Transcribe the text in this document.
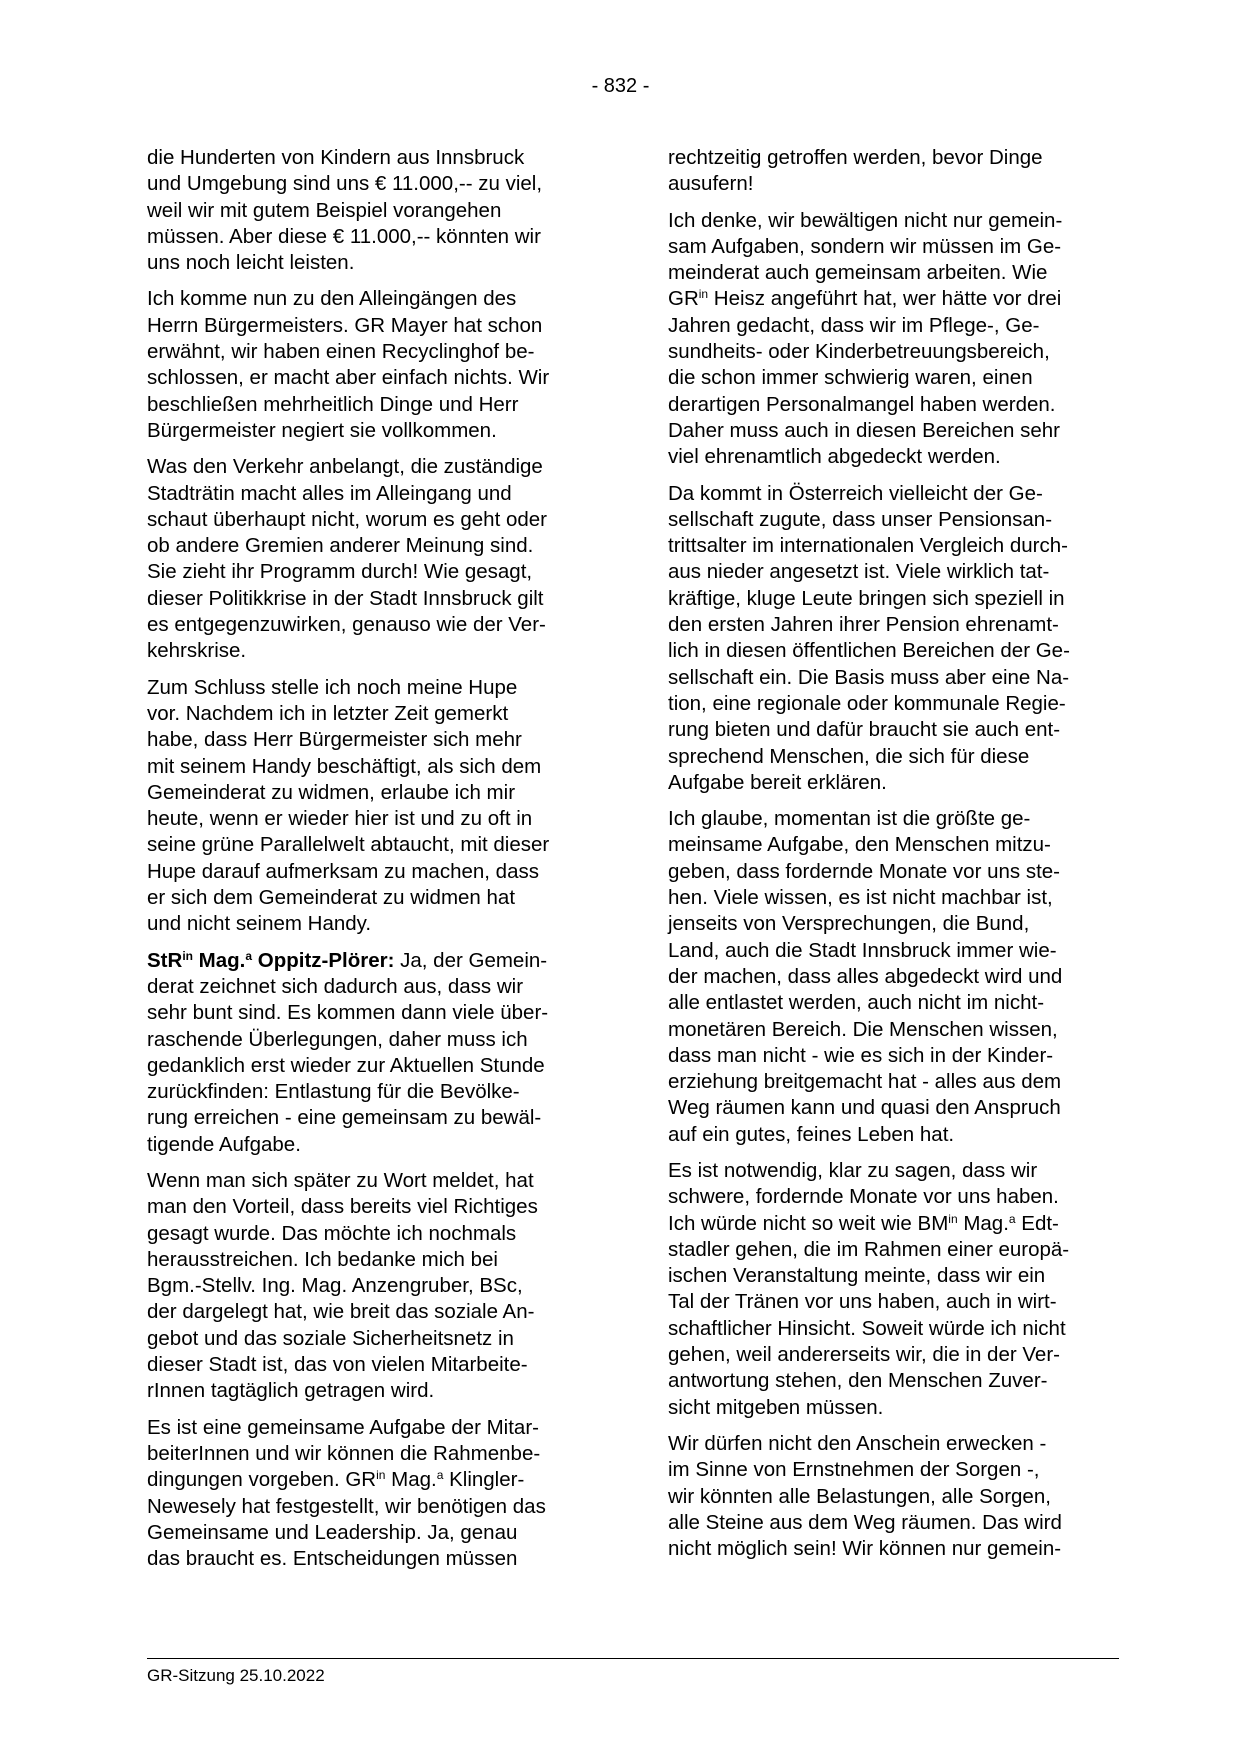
- 832 -

die Hunderten von Kindern aus Innsbruck
und Umgebung sind uns € 11.000,-- zu viel,
weil wir mit gutem Beispiel vorangehen
müssen. Aber diese € 11.000,-- könnten wir
uns noch leicht leisten.

Ich komme nun zu den Alleingängen des
Herrn Bürgermeisters. GR Mayer hat schon
erwähnt, wir haben einen Recyclinghof be-
schlossen, er macht aber einfach nichts. Wir
beschließen mehrheitlich Dinge und Herr
Bürgermeister negiert sie vollkommen.

Was den Verkehr anbelangt, die zuständige
Stadträtin macht alles im Alleingang und
schaut überhaupt nicht, worum es geht oder
ob andere Gremien anderer Meinung sind.
Sie zieht ihr Programm durch! Wie gesagt,
dieser Politikkrise in der Stadt Innsbruck gilt
es entgegenzuwirken, genauso wie der Ver-
kehrskrise.

Zum Schluss stelle ich noch meine Hupe
vor. Nachdem ich in letzter Zeit gemerkt
habe, dass Herr Bürgermeister sich mehr
mit seinem Handy beschäftigt, als sich dem
Gemeinderat zu widmen, erlaube ich mir
heute, wenn er wieder hier ist und zu oft in
seine grüne Parallelwelt abtaucht, mit dieser
Hupe darauf aufmerksam zu machen, dass
er sich dem Gemeinderat zu widmen hat
und nicht seinem Handy.

StR$^{in}$ Mag.$^a$ Oppitz-Plörer: Ja, der Gemein-
derat zeichnet sich dadurch aus, dass wir
sehr bunt sind. Es kommen dann viele über-
raschende Überlegungen, daher muss ich
gedanklich erst wieder zur Aktuellen Stunde
zurückfinden: Entlastung für die Bevölke-
rung erreichen - eine gemeinsam zu bewäl-
tigende Aufgabe.

Wenn man sich später zu Wort meldet, hat
man den Vorteil, dass bereits viel Richtiges
gesagt wurde. Das möchte ich nochmals
herausstreichen. Ich bedanke mich bei
Bgm.-Stellv. Ing. Mag. Anzengruber, BSc,
der dargelegt hat, wie breit das soziale An-
gebot und das soziale Sicherheitsnetz in
dieser Stadt ist, das von vielen Mitarbeite-
rInnen tagtäglich getragen wird.

Es ist eine gemeinsame Aufgabe der Mitar-
beiterInnen und wir können die Rahmenbe-
dingungen vorgeben. $GR^{in}$ Mag.$^a$ Klingler-
Newesely hat festgestellt, wir benötigen das
Gemeinsame und Leadership. Ja, genau
das braucht es. Entscheidungen müssen

rechtzeitig getroffen werden, bevor Dinge
ausufern!

Ich denke, wir bewältigen nicht nur gemein-
sam Aufgaben, sondern wir müssen im Ge-
meinderat auch gemeinsam arbeiten. Wie
$GR^{in}$ Heisz angeführt hat, wer hätte vor drei
Jahren gedacht, dass wir im Pflege-, Ge-
sundheits- oder Kinderbetreuungsbereich,
die schon immer schwierig waren, einen
derartigen Personalmangel haben werden.
Daher muss auch in diesen Bereichen sehr
viel ehrenamtlich abgedeckt werden.

Da kommt in Österreich vielleicht der Ge-
sellschaft zugute, dass unser Pensionsan-
trittsalter im internationalen Vergleich durch-
aus nieder angesetzt ist. Viele wirklich tat-
kräftige, kluge Leute bringen sich speziell in
den ersten Jahren ihrer Pension ehrenamt-
lich in diesen öffentlichen Bereichen der Ge-
sellschaft ein. Die Basis muss aber eine Na-
tion, eine regionale oder kommunale Regie-
rung bieten und dafür braucht sie auch ent-
sprechend Menschen, die sich für diese
Aufgabe bereit erklären.

Ich glaube, momentan ist die größte ge-
meinsame Aufgabe, den Menschen mitzu-
geben, dass fordernde Monate vor uns ste-
hen. Viele wissen, es ist nicht machbar ist,
jenseits von Versprechungen, die Bund,
Land, auch die Stadt Innsbruck immer wie-
der machen, dass alles abgedeckt wird und
alle entlastet werden, auch nicht im nicht-
monetären Bereich. Die Menschen wissen,
dass man nicht - wie es sich in der Kinder-
erziehung breitgemacht hat - alles aus dem
Weg räumen kann und quasi den Anspruch
auf ein gutes, feines Leben hat.

Es ist notwendig, klar zu sagen, dass wir
schwere, fordernde Monate vor uns haben.
Ich würde nicht so weit wie $BM^{in}$ Mag.$^a$ Edt-
stadler gehen, die im Rahmen einer europä-
ischen Veranstaltung meinte, dass wir ein
Tal der Tränen vor uns haben, auch in wirt-
schaftlicher Hinsicht. Soweit würde ich nicht
gehen, weil andererseits wir, die in der Ver-
antwortung stehen, den Menschen Zuver-
sicht mitgeben müssen.

Wir dürfen nicht den Anschein erwecken -
im Sinne von Ernstnehmen der Sorgen -,
wir könnten alle Belastungen, alle Sorgen,
alle Steine aus dem Weg räumen. Das wird
nicht möglich sein! Wir können nur gemein-

GR-Sitzung 25.10.2022
